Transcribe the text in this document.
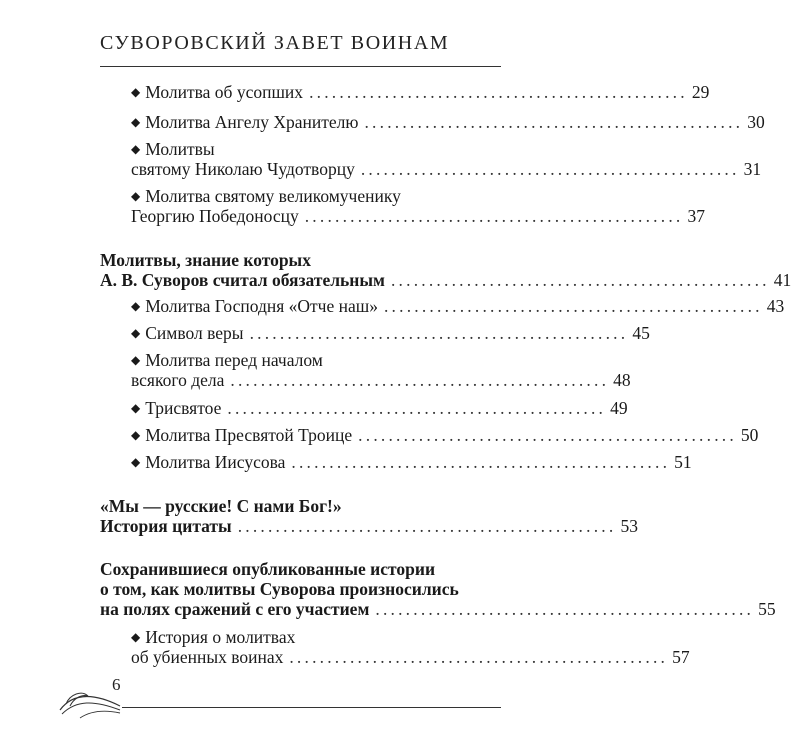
СУВОРОВСКИЙ ЗАВЕТ ВОИНАМ
◆ Молитва об усопших .................................................. 29
◆ Молитва Ангелу Хранителю .................................................. 30
◆ Молитвы
святому Николаю Чудотворцу .................................................. 31
◆ Молитва святому великомученику
Георгию Победоносцу .................................................. 37
Молитвы, знание которых
А. В. Суворов считал обязательным .................................................. 41
◆ Молитва Господня «Отче наш» .................................................. 43
◆ Символ веры .................................................. 45
◆ Молитва перед началом
всякого дела .................................................. 48
◆ Трисвятое .................................................. 49
◆ Молитва Пресвятой Троице .................................................. 50
◆ Молитва Иисусова .................................................. 51
«Мы — русские! С нами Бог!»
История цитаты .................................................. 53
Сохранившиеся опубликованные истории
о том, как молитвы Суворова произносились
на полях сражений с его участием .................................................. 55
◆ История о молитвах
об убиенных воинах .................................................. 57
6
